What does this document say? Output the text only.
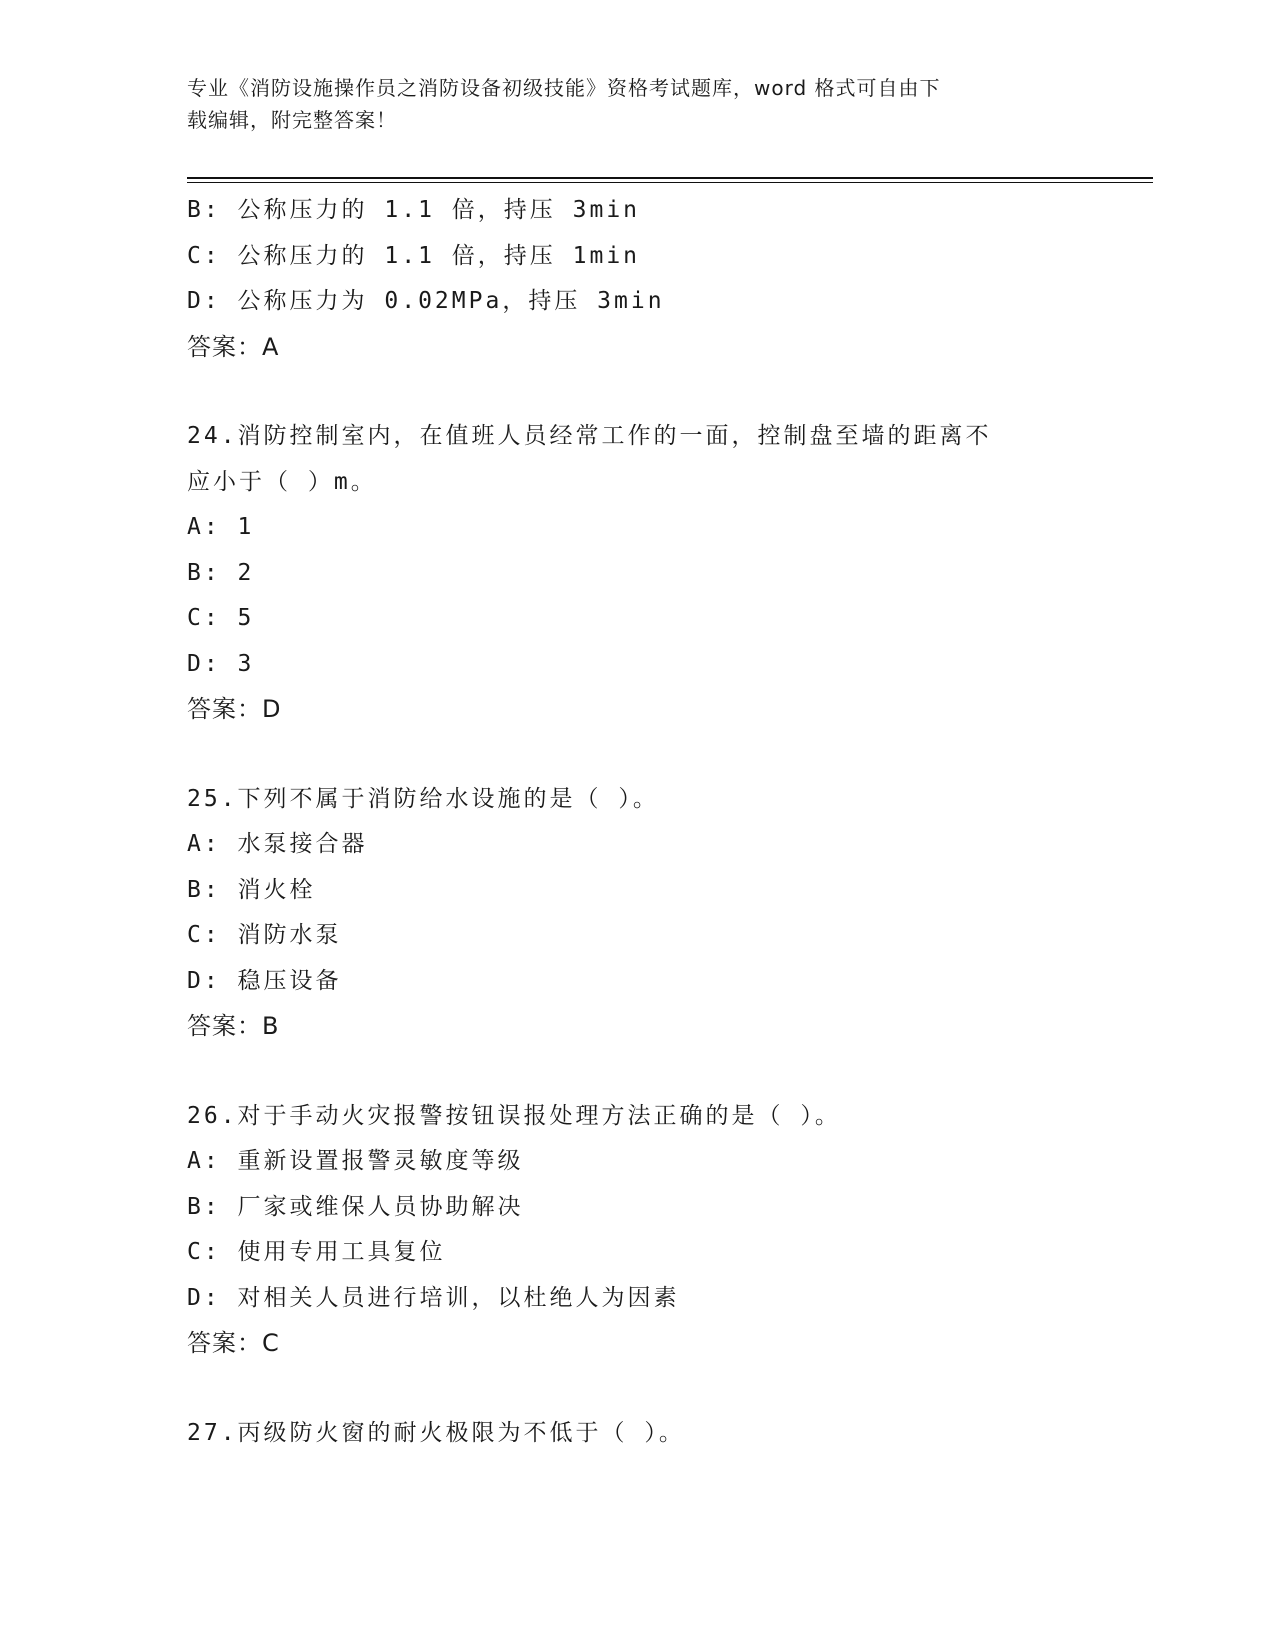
专业《消防设施操作员之消防设备初级技能》资格考试题库，word 格式可自由下
载编辑，附完整答案！
B: 公称压力的 1.1 倍，持压 3min
C: 公称压力的 1.1 倍，持压 1min
D: 公称压力为 0.02MPa，持压 3min
答案：A
24.消防控制室内，在值班人员经常工作的一面，控制盘至墙的距离不
应小于（ ）m。
A: 1
B: 2
C: 5
D: 3
答案：D
25.下列不属于消防给水设施的是（ ）。
A: 水泵接合器
B: 消火栓
C: 消防水泵
D: 稳压设备
答案：B
26.对于手动火灾报警按钮误报处理方法正确的是（ ）。
A: 重新设置报警灵敏度等级
B: 厂家或维保人员协助解决
C: 使用专用工具复位
D: 对相关人员进行培训，以杜绝人为因素
答案：C
27.丙级防火窗的耐火极限为不低于（ ）。
